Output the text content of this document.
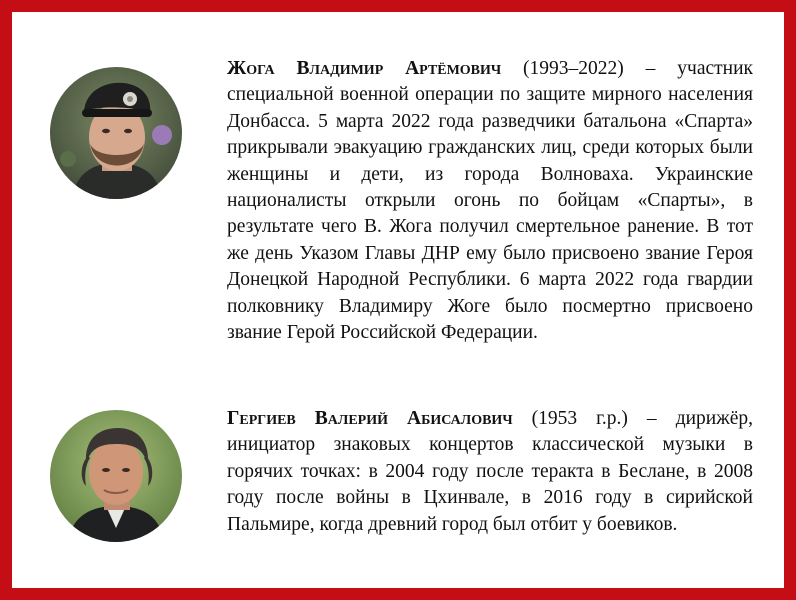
Жога Владимир Артёмович (1993–2022) – участник специальной военной операции по защите мирного населения Донбасса. 5 марта 2022 года разведчики батальона «Спарта» прикрывали эвакуацию гражданских лиц, среди которых были женщины и дети, из города Волноваха. Украинские националисты открыли огонь по бойцам «Спарты», в результате чего В. Жога получил смертельное ранение. В тот же день Указом Главы ДНР ему было присвоено звание Героя Донецкой Народной Республики. 6 марта 2022 года гвардии полковнику Владимиру Жоге было посмертно присвоено звание Герой Российской Федерации.

Гергиев Валерий Абисалович (1953 г.р.) – дирижёр, инициатор знаковых концертов классической музыки в горячих точках: в 2004 году после теракта в Беслане, в 2008 году после войны в Цхинвале, в 2016 году в сирийской Пальмире, когда древний город был отбит у боевиков.
